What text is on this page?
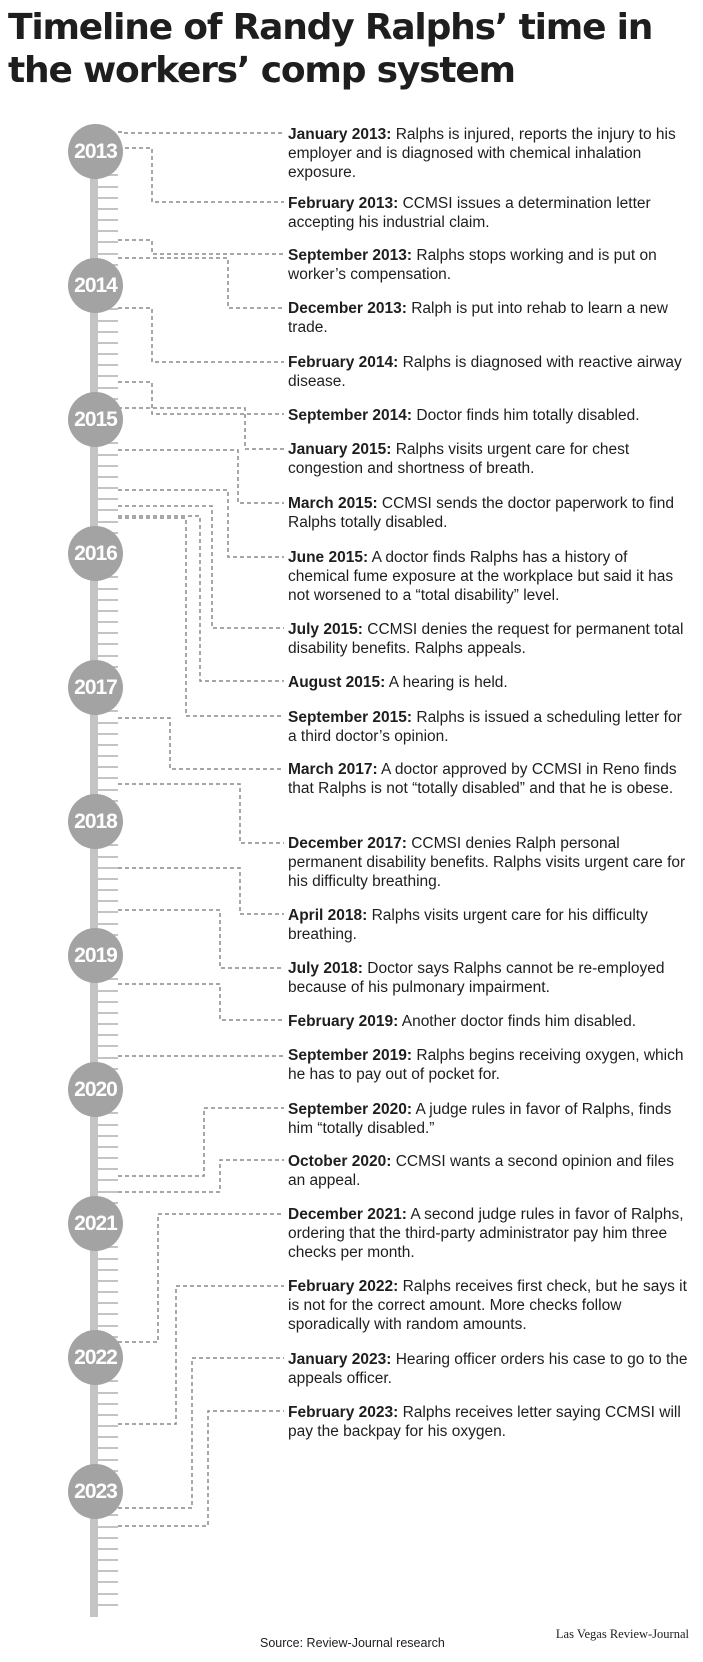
Timeline of Randy Ralphs’ time in
the workers’ comp system
2013
2014
2015
2016
2017
2018
2019
2020
2021
2022
2023
January 2013: Ralphs is injured, reports the injury to his employer and is diagnosed with chemical inhalation exposure.
February 2013: CCMSI issues a determination letter accepting his industrial claim.
September 2013: Ralphs stops working and is put on worker’s compensation.
December 2013: Ralph is put into rehab to learn a new trade.
February 2014: Ralphs is diagnosed with reactive airway disease.
September 2014: Doctor finds him totally disabled.
January 2015: Ralphs visits urgent care for chest congestion and shortness of breath.
March 2015: CCMSI sends the doctor paperwork to find Ralphs totally disabled.
June 2015: A doctor finds Ralphs has a history of chemical fume exposure at the workplace but said it has not worsened to a “total disability” level.
July 2015: CCMSI denies the request for permanent total disability benefits. Ralphs appeals.
August 2015: A hearing is held.
September 2015: Ralphs is issued a scheduling letter for a third doctor’s opinion.
March 2017: A doctor approved by CCMSI in Reno finds that Ralphs is not “totally disabled” and that he is obese.
December 2017: CCMSI denies Ralph personal permanent disability benefits. Ralphs visits urgent care for his difficulty breathing.
April 2018: Ralphs visits urgent care for his difficulty breathing.
July 2018: Doctor says Ralphs cannot be re-employed because of his pulmonary impairment.
February 2019: Another doctor finds him disabled.
September 2019: Ralphs begins receiving oxygen, which he has to pay out of pocket for.
September 2020: A judge rules in favor of Ralphs, finds him “totally disabled.”
October 2020: CCMSI wants a second opinion and files an appeal.
December 2021: A second judge rules in favor of Ralphs, ordering that the third-party administrator pay him three checks per month.
February 2022: Ralphs receives first check, but he says it is not for the correct amount. More checks follow sporadically with random amounts.
January 2023: Hearing officer orders his case to go to the appeals officer.
February 2023: Ralphs receives letter saying CCMSI will pay the backpay for his oxygen.
Source: Review-Journal research
Las Vegas Review-Journal
